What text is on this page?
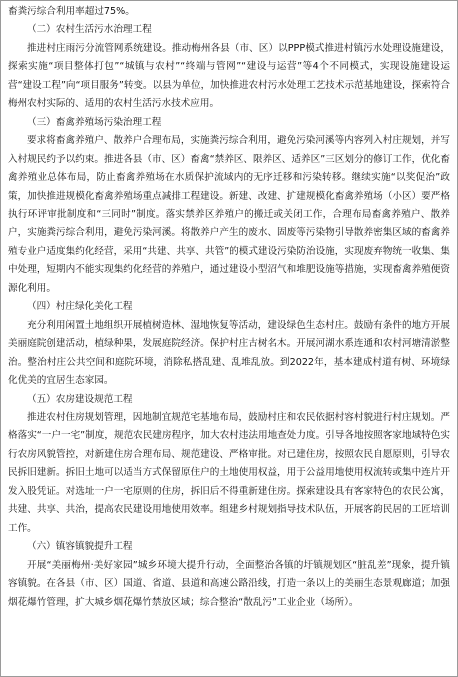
畜粪污综合利用率超过75%。

（二）农村生活污水治理工程

推进村庄雨污分流管网系统建设。推动梅州各县（市、区）以PPP模式推进村镇污水处理设施建设，探索实施“项目整体打包”“城镇与农村”“终端与管网”“建设与运营”等4个不同模式，实现设施建设运营“建设工程”向“项目服务”转变。以县为单位，加快推进农村污水处理工艺技术示范基地建设，探索符合梅州农村实际的、适用的农村生活污水技术应用。

（三）畜禽养殖场污染治理工程

要求将畜禽养殖户、散养户合理布局，实施粪污综合利用，避免污染河溪等内容列入村庄规划，并写入村规民约予以约束。推进各县（市、区）畜禽“禁养区、限养区、适养区”三区划分的修订工作，优化畜禽养殖业总体布局，防止畜禽养殖场在水质保护流域内的无序迁移和污染转移。继续实施“以奖促治”政策，加快推进规模化畜禽养殖场重点减排工程建设。新建、改建、扩建规模化畜禽养殖场（小区）要严格执行环评审批制度和“三同时”制度。落实禁养区养殖户的搬迁或关闭工作，合理布局畜禽养殖户、散养户，实施粪污综合利用，避免污染河溪。将散养户产生的废水、固废等污染物引导散养密集区域的畜禽养殖专业户适度集约化经营，采用“共建、共享、共管”的模式建设污染防治设施，实现废弃物统一收集、集中处理，短期内不能实现集约化经营的养殖户，通过建设小型沼气和堆肥设施等措施，实现畜禽养殖便资源化利用。

（四）村庄绿化美化工程

充分利用闲置土地组织开展植树造林、湿地恢复等活动，建设绿色生态村庄。鼓励有条件的地方开展美丽庭院创建活动，植绿种果，发展庭院经济。保护村庄古树名木。开展河湖水系连通和农村河塘清淤整治。整治村庄公共空间和庭院环境，消除私搭乱建、乱堆乱放。到2022年，基本建成村道有树、环境绿化优美的宜居生态家园。

（五）农房建设规范工程

推进农村住房规划管理，因地制宜规范宅基地布局，鼓励村庄和农民依据村容村貌进行村庄规划。严格落实“一户一宅”制度，规范农民建房程序，加大农村违法用地查处力度。引导各地按照客家地域特色实行农房风貌管控，对新建住房合理布局、规范建设、严格审批。对已建住房，按照农民自愿原则，引导农民拆旧建新。拆旧土地可以适当方式保留原住户的土地使用权益，用于公益用地使用权流转或集中连片开发入股凭证。对选址一户一宅原则的住房，拆旧后不得重新建住房。探索建设具有客家特色的农民公寓，共建、共享、共治，提高农民建设用地使用效率。组建乡村规划指导技术队伍，开展客韵民居的工匠培训工作。

（六）镇容镇貌提升工程

开展“美丽梅州·美好家园”城乡环境大提升行动，全面整治各镇的圩镇规划区“脏乱差”现象，提升镇容镇貌。在各县（市、区）国道、省道、县道和高速公路沿线，打造一条以上的美丽生态景观廊道；加强烟花爆竹管理，扩大城乡烟花爆竹禁放区域；综合整治“散乱污”工业企业（场所）。
